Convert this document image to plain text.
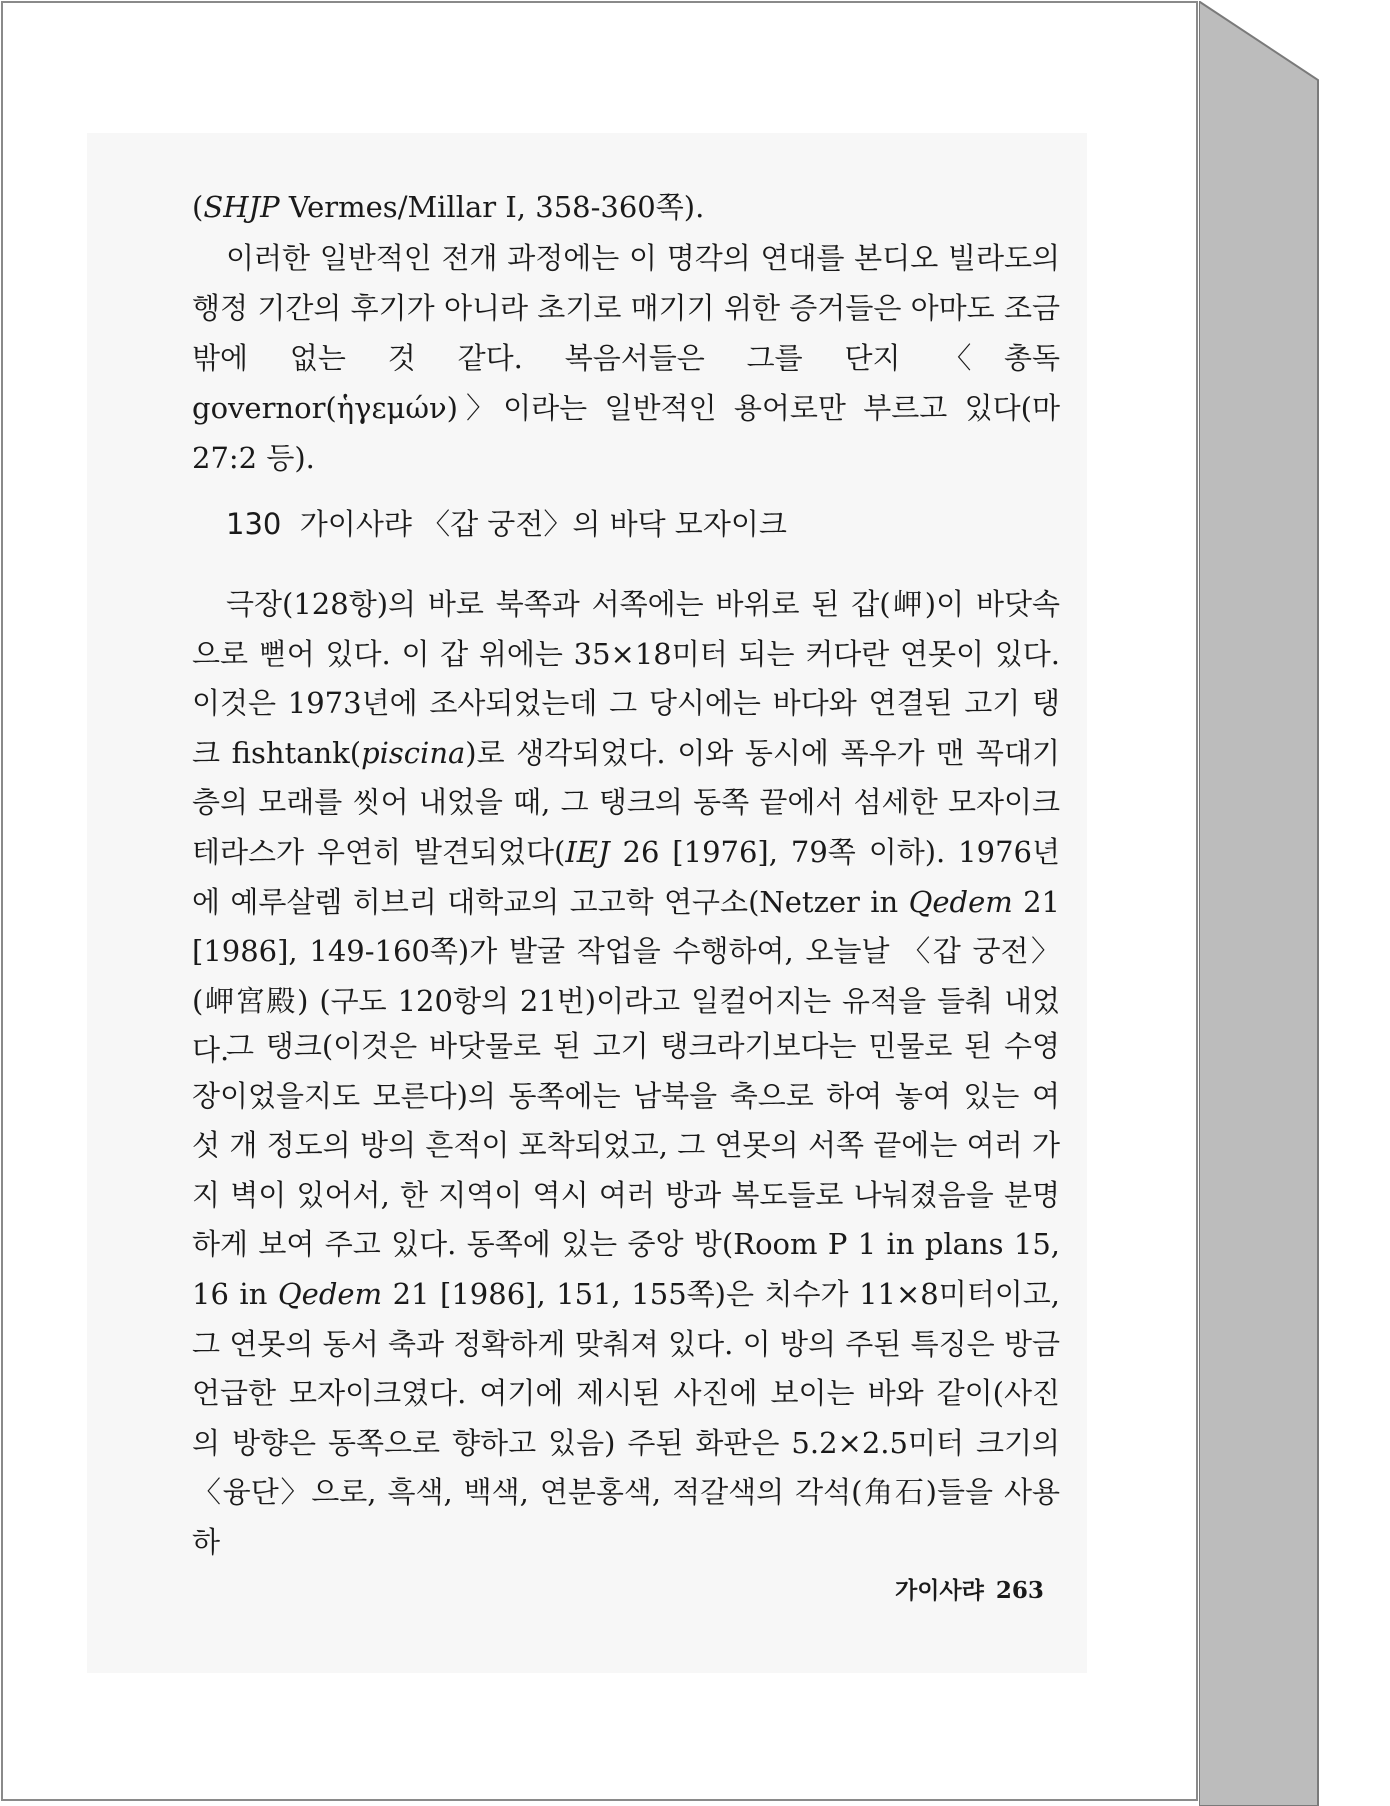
(SHJP Vermes/Millar I, 358-360쪽).

이러한 일반적인 전개 과정에는 이 명각의 연대를 본디오 빌라도의 행정 기간의 후기가 아니라 초기로 매기기 위한 증거들은 아마도 조금밖에 없는 것 같다. 복음서들은 그를 단지 〈총독 governor(ἡγεμών)〉이라는 일반적인 용어로만 부르고 있다(마 27:2 등).

130 가이사랴 〈갑 궁전〉의 바닥 모자이크

극장(128항)의 바로 북쪽과 서쪽에는 바위로 된 갑(岬)이 바닷속으로 뻗어 있다. 이 갑 위에는 35×18미터 되는 커다란 연못이 있다. 이것은 1973년에 조사되었는데 그 당시에는 바다와 연결된 고기 탱크 fishtank(piscina)로 생각되었다. 이와 동시에 폭우가 맨 꼭대기 층의 모래를 씻어 내었을 때, 그 탱크의 동쪽 끝에서 섬세한 모자이크 테라스가 우연히 발견되었다(IEJ 26 [1976], 79쪽 이하). 1976년에 예루살렘 히브리 대학교의 고고학 연구소(Netzer in Qedem 21 [1986], 149-160쪽)가 발굴 작업을 수행하여, 오늘날 〈갑 궁전〉(岬宮殿) (구도 120항의 21번)이라고 일컬어지는 유적을 들춰 내었다.

그 탱크(이것은 바닷물로 된 고기 탱크라기보다는 민물로 된 수영장이었을지도 모른다)의 동쪽에는 남북을 축으로 하여 놓여 있는 여섯 개 정도의 방의 흔적이 포착되었고, 그 연못의 서쪽 끝에는 여러 가지 벽이 있어서, 한 지역이 역시 여러 방과 복도들로 나눠졌음을 분명하게 보여 주고 있다. 동쪽에 있는 중앙 방(Room P 1 in plans 15, 16 in Qedem 21 [1986], 151, 155쪽)은 치수가 11×8미터이고, 그 연못의 동서 축과 정확하게 맞춰져 있다. 이 방의 주된 특징은 방금 언급한 모자이크였다. 여기에 제시된 사진에 보이는 바와 같이(사진의 방향은 동쪽으로 향하고 있음) 주된 화판은 5.2×2.5미터 크기의 〈융단〉으로, 흑색, 백색, 연분홍색, 적갈색의 각석(角石)들을 사용하

가이사랴 263
